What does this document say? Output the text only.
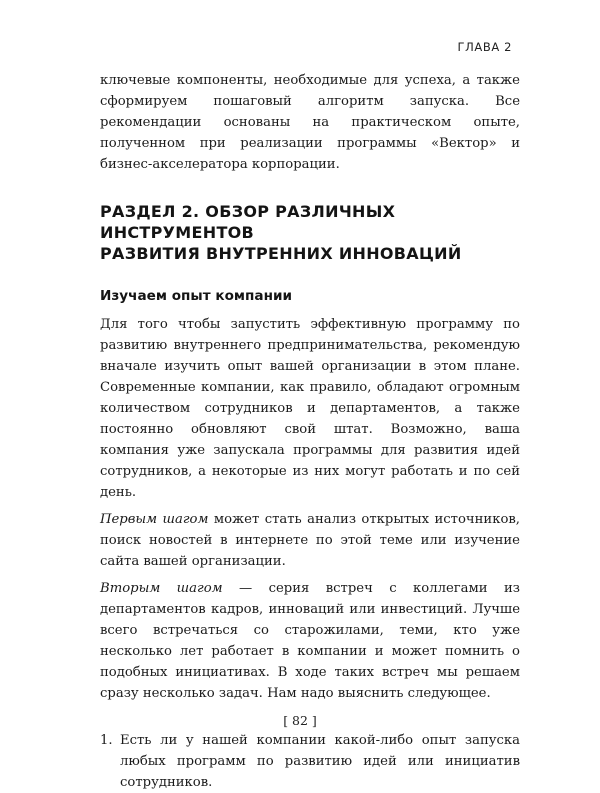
ГЛАВА 2

ключевые компоненты, необходимые для успеха, а также сформируем пошаговый алгоритм запуска. Все рекомендации основаны на практическом опыте, полученном при реализации программы «Вектор» и бизнес-акселератора корпорации.

РАЗДЕЛ 2. ОБЗОР РАЗЛИЧНЫХ ИНСТРУМЕНТОВ
РАЗВИТИЯ ВНУТРЕННИХ ИННОВАЦИЙ
Изучаем опыт компании

Для того чтобы запустить эффективную программу по развитию внутреннего предпринимательства, рекомендую вначале изучить опыт вашей организации в этом плане. Современные компании, как правило, обладают огромным количеством сотрудников и департаментов, а также постоянно обновляют свой штат. Возможно, ваша компания уже запускала программы для развития идей сотрудников, а некоторые из них могут работать и по сей день.

Первым шагом может стать анализ открытых источников, поиск новостей в интернете по этой теме или изучение сайта вашей организации.

Вторым шагом — серия встреч с коллегами из департаментов кадров, инноваций или инвестиций. Лучше всего встречаться со старожилами, теми, кто уже несколько лет работает в компании и может помнить о подобных инициативах. В ходе таких встреч мы решаем сразу несколько задач. Нам надо выяснить следующее.

1. Есть ли у нашей компании какой-либо опыт запуска любых программ по развитию идей или инициатив сотрудников.
[ 82 ]
